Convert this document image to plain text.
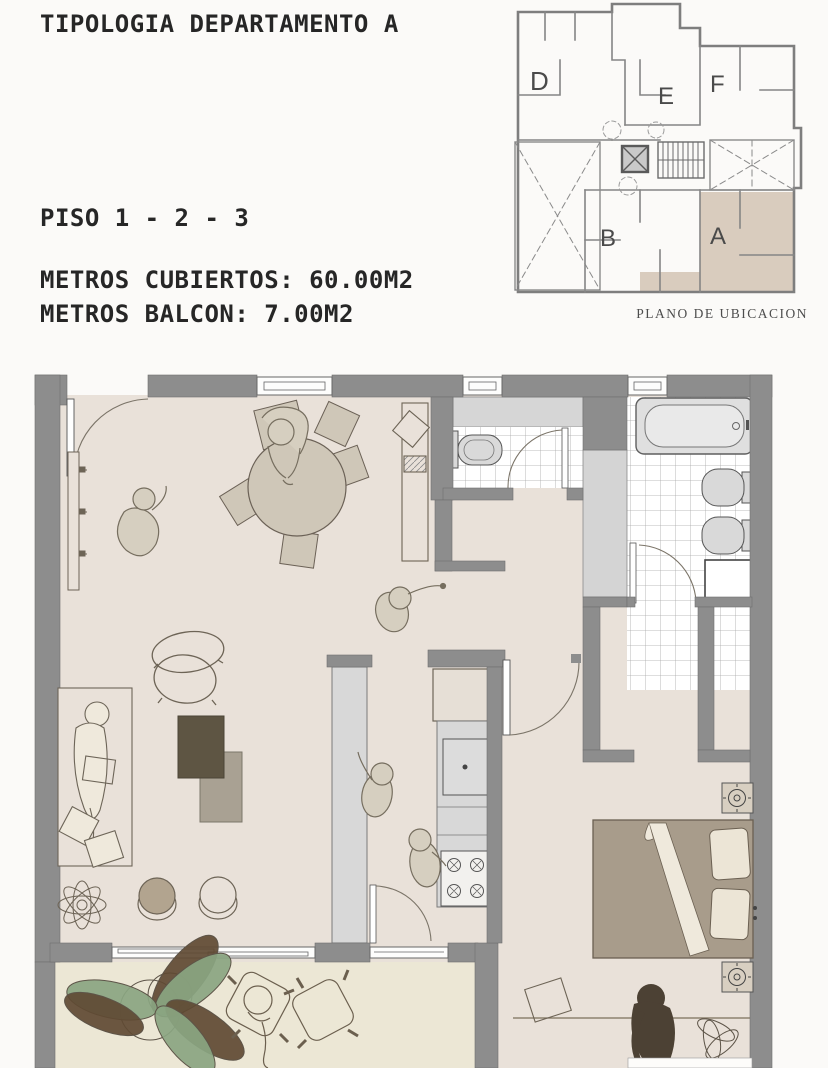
TIPOLOGIA DEPARTAMENTO A
PISO 1 - 2 - 3
METROS CUBIERTOS: 60.00M2
METROS BALCON: 7.00M2
D
E F
B	A
PLANO DE UBICACION
